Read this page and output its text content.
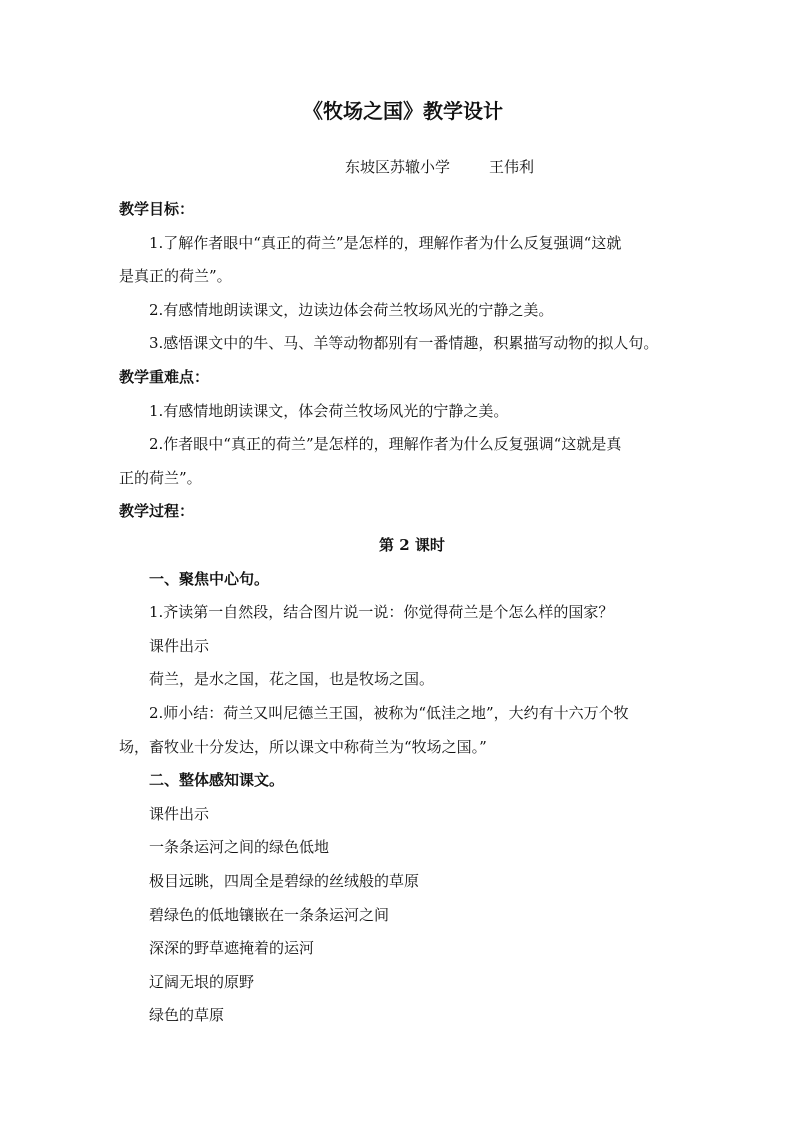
《牧场之国》教学设计
东坡区苏辙小学	王伟利
教学目标：
1.了解作者眼中“真正的荷兰”是怎样的，理解作者为什么反复强调“这就
是真正的荷兰”。
2.有感情地朗读课文，边读边体会荷兰牧场风光的宁静之美。
3.感悟课文中的牛、马、羊等动物都别有一番情趣，积累描写动物的拟人句。
教学重难点：
1.有感情地朗读课文，体会荷兰牧场风光的宁静之美。
2.作者眼中“真正的荷兰”是怎样的，理解作者为什么反复强调“这就是真
正的荷兰”。
教学过程：
第 2 课时
一、聚焦中心句。
1.齐读第一自然段，结合图片说一说：你觉得荷兰是个怎么样的国家？
课件出示
荷兰，是水之国，花之国，也是牧场之国。
2.师小结：荷兰又叫尼德兰王国，被称为“低洼之地”，大约有十六万个牧
场，畜牧业十分发达，所以课文中称荷兰为“牧场之国。”
二、整体感知课文。
课件出示
一条条运河之间的绿色低地
极目远眺，四周全是碧绿的丝绒般的草原
碧绿色的低地镶嵌在一条条运河之间
深深的野草遮掩着的运河
辽阔无垠的原野
绿色的草原
